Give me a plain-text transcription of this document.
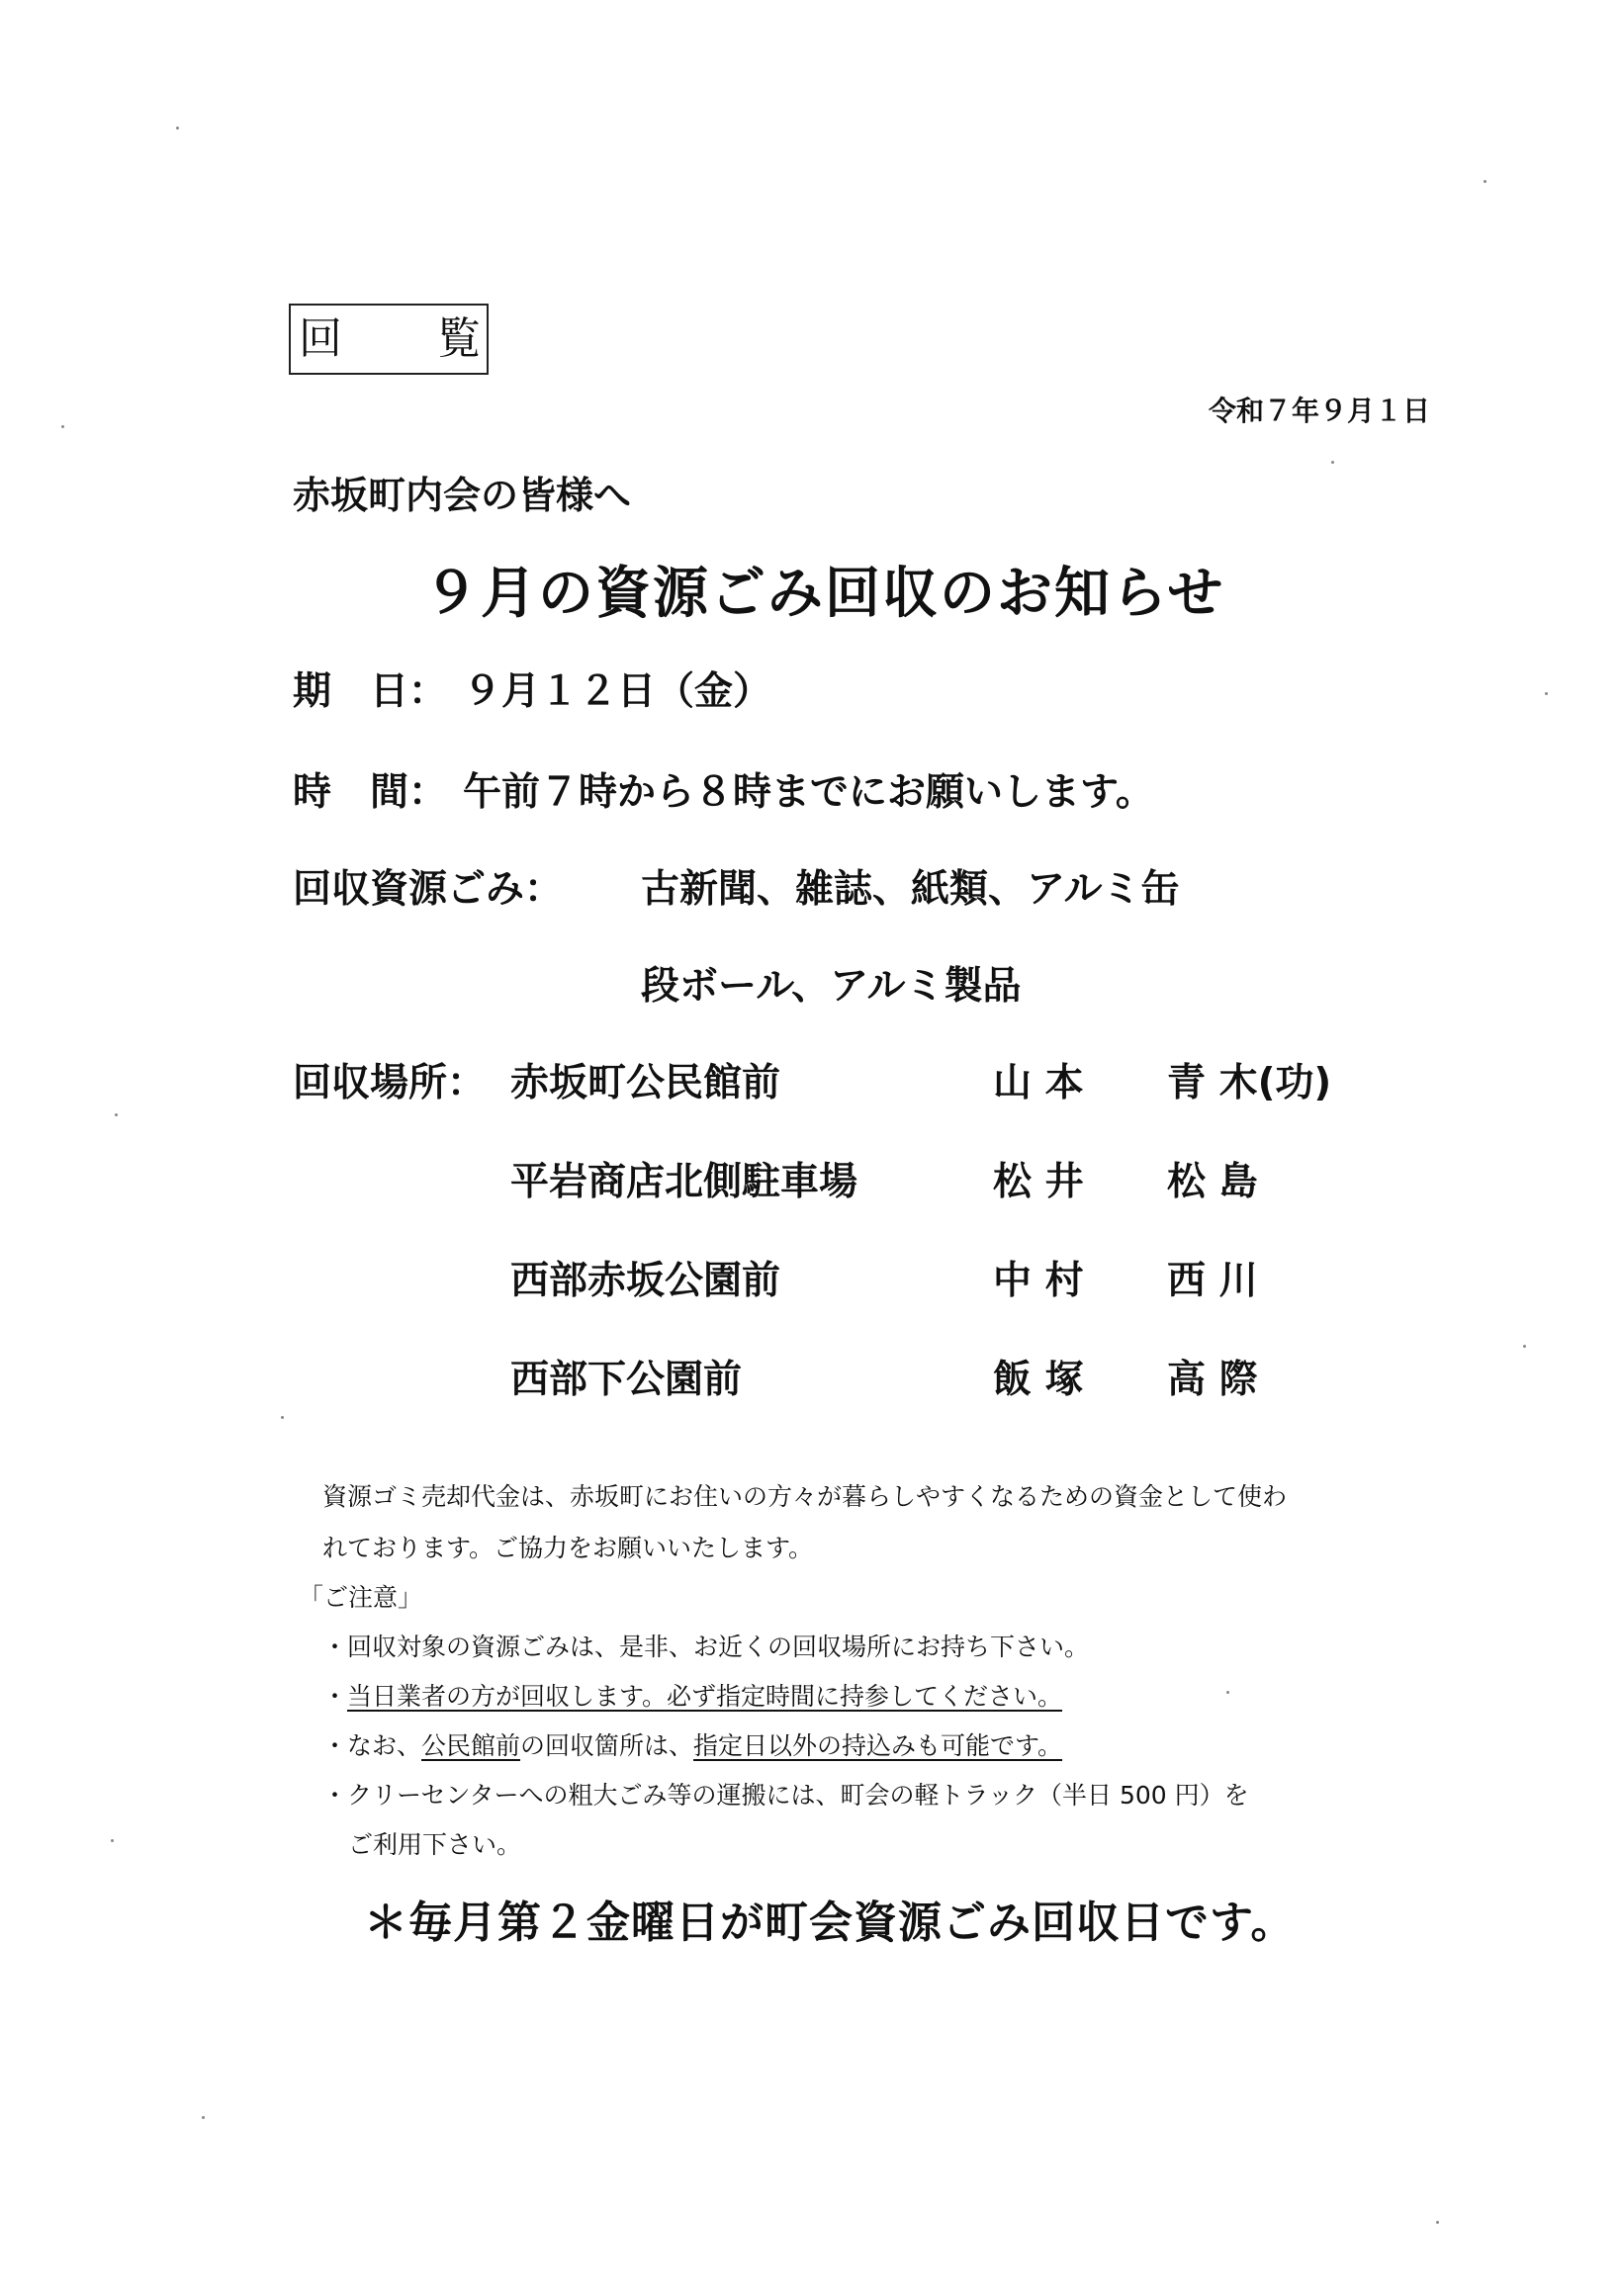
回 覧
令和７年９月１日
赤坂町内会の皆様へ
９月の資源ごみ回収のお知らせ
期　日： ９月１２日（金）
時　間： 午前７時から８時までにお願いします。
回収資源ごみ： 古新聞、雑誌、紙類、アルミ缶
段ボール、アルミ製品
回収場所： 赤坂町公民館前	山 本 青 木(功)
平岩商店北側駐車場	松 井 松 島
西部赤坂公園前	中 村 西 川
西部下公園前	飯 塚 高 際
資源ゴミ売却代金は、赤坂町にお住いの方々が暮らしやすくなるための資金として使わ
れております。ご協力をお願いいたします。
「ご注意」
・回収対象の資源ごみは、是非、お近くの回収場所にお持ち下さい。
・当日業者の方が回収します。必ず指定時間に持参してください。
・なお、公民館前の回収箇所は、指定日以外の持込みも可能です。
・クリーセンターへの粗大ごみ等の運搬には、町会の軽トラック（半日 500 円）を
ご利用下さい。
＊毎月第２金曜日が町会資源ごみ回収日です。
